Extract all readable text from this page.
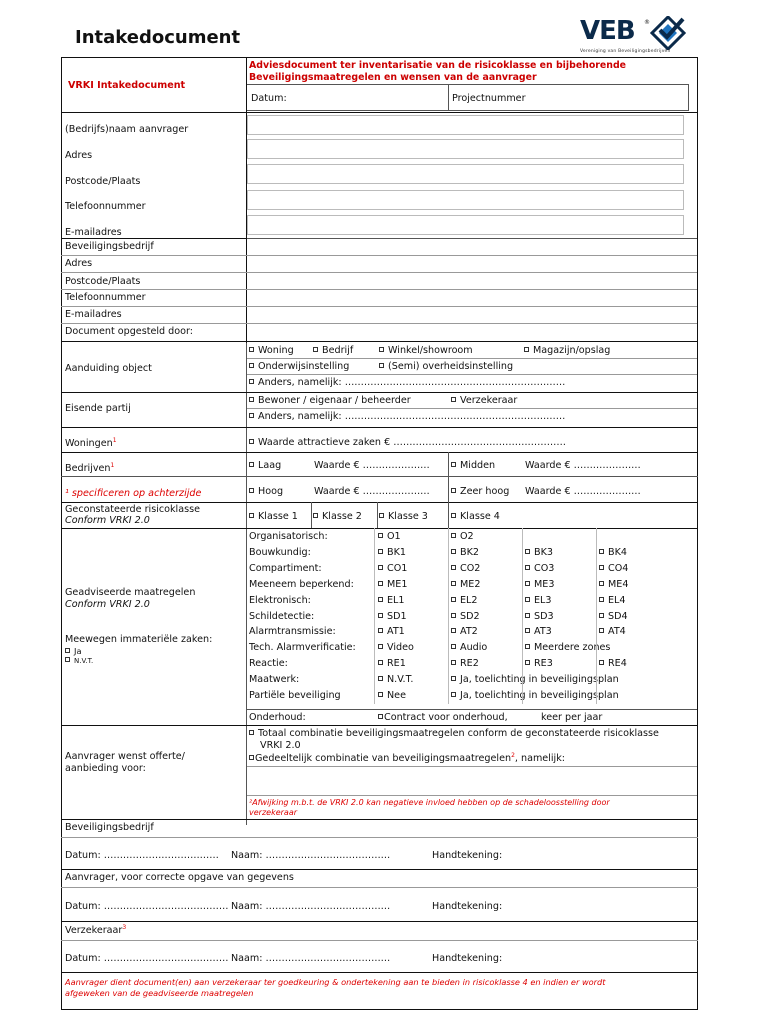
Intakedocument	VEB ®
Vereniging van Beveiligingsbedrijven
VRKI Intakedocument
Adviesdocument ter inventarisatie van de risicoklasse en bijbehorende
Beveiligingsmaatregelen en wensen van de aanvrager
Datum:	Projectnummer
(Bedrijfs)naam aanvrager
Adres
Postcode/Plaats
Telefoonnummer
E-mailadres
Beveiligingsbedrijf
Adres
Postcode/Plaats
Telefoonnummer
E-mailadres
Document opgesteld door:
Aanduiding object
Woning	Bedrijf	Winkel/showroom	Magazijn/opslag
Onderwijsinstelling	(Semi) overheidsinstelling
Anders, namelijk: ……………………………………………………………
Eisende partij
Bewoner / eigenaar / beheerder	Verzekeraar
Anders, namelijk: ……………………………………………………………
Woningen$^1$	Waarde attractieve zaken € ………………………………………………
Bedrijven$^1$	Laag	Waarde € …………………	Midden	Waarde € …………………
¹ specificeren op achterzijde	Hoog	Waarde € …………………	Zeer hoog Waarde € …………………
Geconstateerde risicoklasse
Conform VRKI 2.0	Klasse 1	Klasse 2	Klasse 3	Klasse 4
Geadviseerde maatregelen
Conform VRKI 2.0
Meewegen immateriële zaken:
Ja
N.V.T.
Organisatorisch:	O1	O2
Bouwkundig:	BK1	BK2	BK3	BK4
Compartiment:	CO1	CO2	CO3	CO4
Meeneem beperkend:	ME1	ME2	ME3	ME4
Elektronisch:	EL1	EL2	EL3	EL4
Schildetectie:	SD1	SD2	SD3	SD4
Alarmtransmissie:	AT1	AT2	AT3	AT4
Tech. Alarmverificatie:	Video	Audio	Meerdere zones
Reactie:	RE1	RE2	RE3	RE4
Maatwerk:	N.V.T.	Ja, toelichting in beveiligingsplan
Partiële beveiliging	Nee	Ja, toelichting in beveiligingsplan
Onderhoud:	Contract voor onderhoud,	keer per jaar
Aanvrager wenst offerte/
aanbieding voor:
Totaal combinatie beveiligingsmaatregelen conform de geconstateerde risicoklasse
VRKI 2.0
Gedeeltelijk combinatie van beveiligingsmaatregelen$^2$, namelijk:
²Afwijking m.b.t. de VRKI 2.0 kan negatieve invloed hebben op de schadeloosstelling door
verzekeraar
Beveiligingsbedrijf
Datum: ……………………………… Naam: …………………………………	Handtekening:
Aanvrager, voor correcte opgave van gegevens
Datum: ………………………………… Naam: …………………………………	Handtekening:
Verzekeraar$^3$
Datum: ………………………………… Naam: …………………………………	Handtekening:
Aanvrager dient document(en) aan verzekeraar ter goedkeuring & ondertekening aan te bieden in risicoklasse 4 en indien er wordt
afgeweken van de geadviseerde maatregelen
